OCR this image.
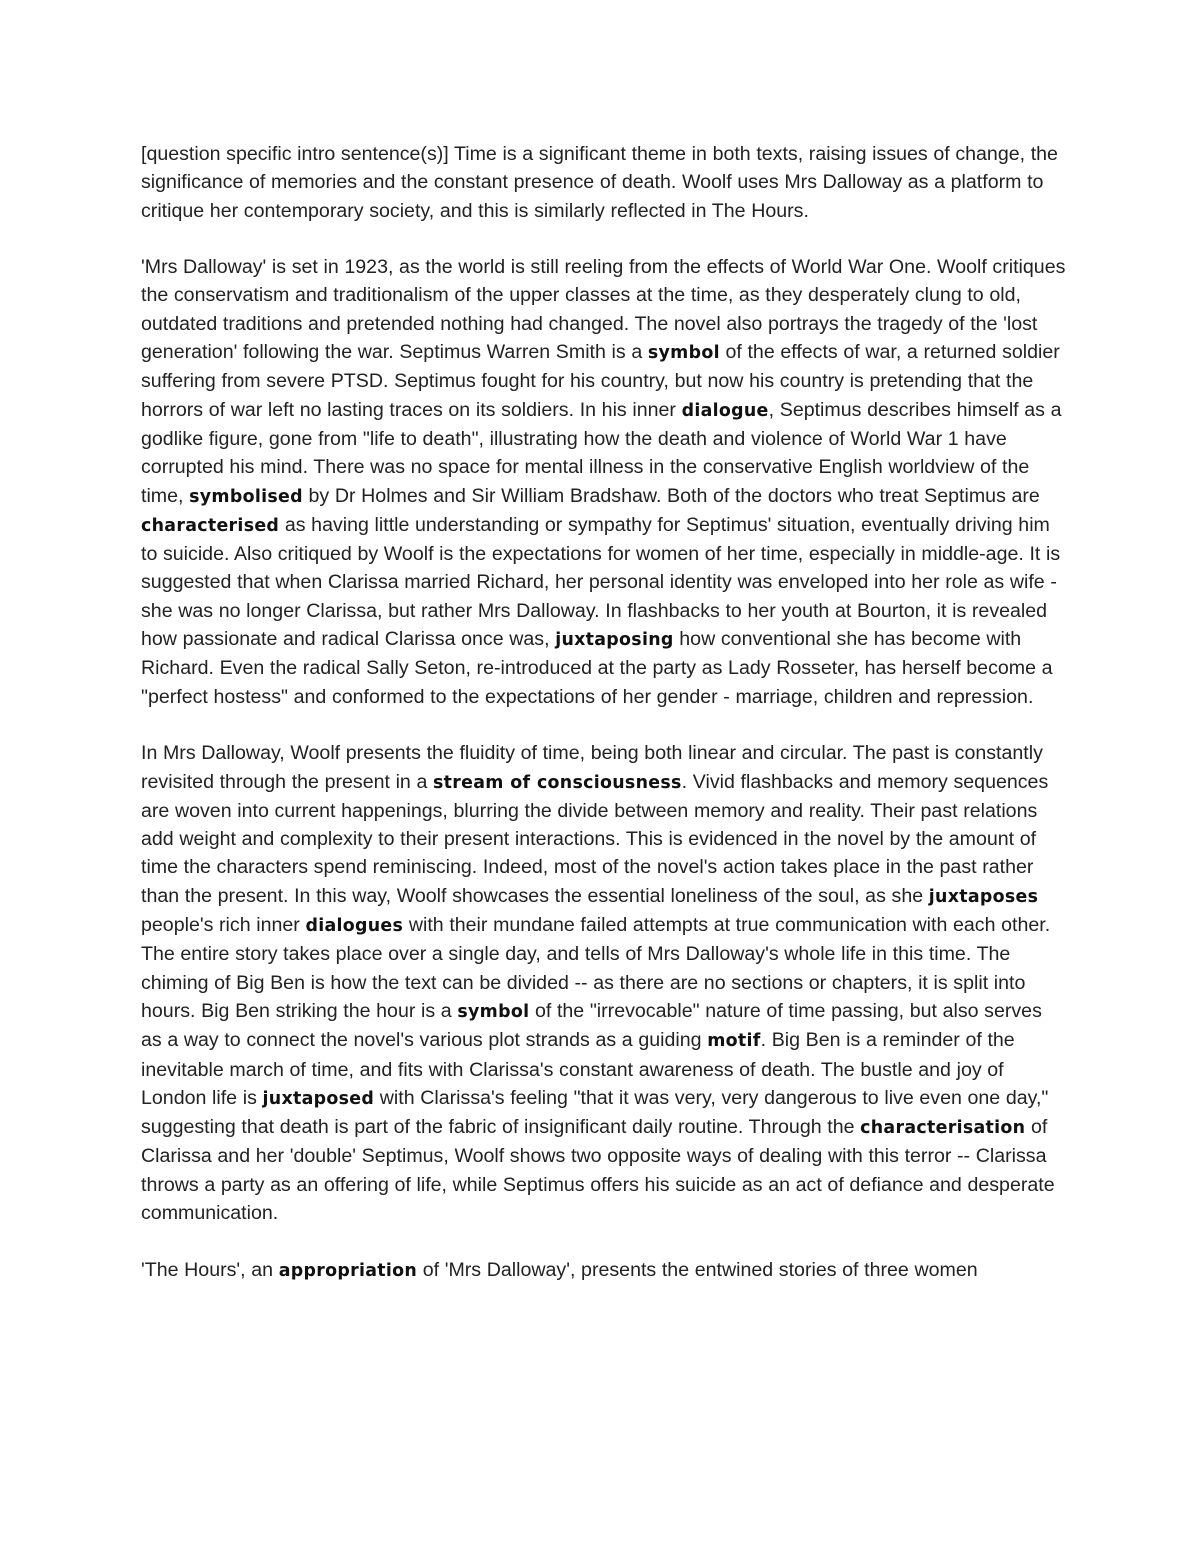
[question specific intro sentence(s)] Time is a significant theme in both texts, raising issues of change, the significance of memories and the constant presence of death. Woolf uses Mrs Dalloway as a platform to critique her contemporary society, and this is similarly reflected in The Hours.

'Mrs Dalloway' is set in 1923, as the world is still reeling from the effects of World War One. Woolf critiques the conservatism and traditionalism of the upper classes at the time, as they desperately clung to old, outdated traditions and pretended nothing had changed. The novel also portrays the tragedy of the 'lost generation' following the war. Septimus Warren Smith is a symbol of the effects of war, a returned soldier suffering from severe PTSD. Septimus fought for his country, but now his country is pretending that the horrors of war left no lasting traces on its soldiers. In his inner dialogue, Septimus describes himself as a godlike figure, gone from "life to death", illustrating how the death and violence of World War 1 have corrupted his mind. There was no space for mental illness in the conservative English worldview of the time, symbolised by Dr Holmes and Sir William Bradshaw. Both of the doctors who treat Septimus are characterised as having little understanding or sympathy for Septimus' situation, eventually driving him to suicide. Also critiqued by Woolf is the expectations for women of her time, especially in middle-age. It is suggested that when Clarissa married Richard, her personal identity was enveloped into her role as wife - she was no longer Clarissa, but rather Mrs Dalloway. In flashbacks to her youth at Bourton, it is revealed how passionate and radical Clarissa once was, juxtaposing how conventional she has become with Richard. Even the radical Sally Seton, re-introduced at the party as Lady Rosseter, has herself become a "perfect hostess" and conformed to the expectations of her gender - marriage, children and repression.

In Mrs Dalloway, Woolf presents the fluidity of time, being both linear and circular. The past is constantly revisited through the present in a stream of consciousness. Vivid flashbacks and memory sequences are woven into current happenings, blurring the divide between memory and reality. Their past relations add weight and complexity to their present interactions. This is evidenced in the novel by the amount of time the characters spend reminiscing. Indeed, most of the novel's action takes place in the past rather than the present. In this way, Woolf showcases the essential loneliness of the soul, as she juxtaposes people's rich inner dialogues with their mundane failed attempts at true communication with each other. The entire story takes place over a single day, and tells of Mrs Dalloway's whole life in this time. The chiming of Big Ben is how the text can be divided -- as there are no sections or chapters, it is split into hours. Big Ben striking the hour is a symbol of the "irrevocable" nature of time passing, but also serves as a way to connect the novel's various plot strands as a guiding motif. Big Ben is a reminder of the inevitable march of time, and fits with Clarissa's constant awareness of death. The bustle and joy of London life is juxtaposed with Clarissa's feeling "that it was very, very dangerous to live even one day," suggesting that death is part of the fabric of insignificant daily routine. Through the characterisation of Clarissa and her 'double' Septimus, Woolf shows two opposite ways of dealing with this terror -- Clarissa throws a party as an offering of life, while Septimus offers his suicide as an act of defiance and desperate communication.

'The Hours', an appropriation of 'Mrs Dalloway', presents the entwined stories of three women
